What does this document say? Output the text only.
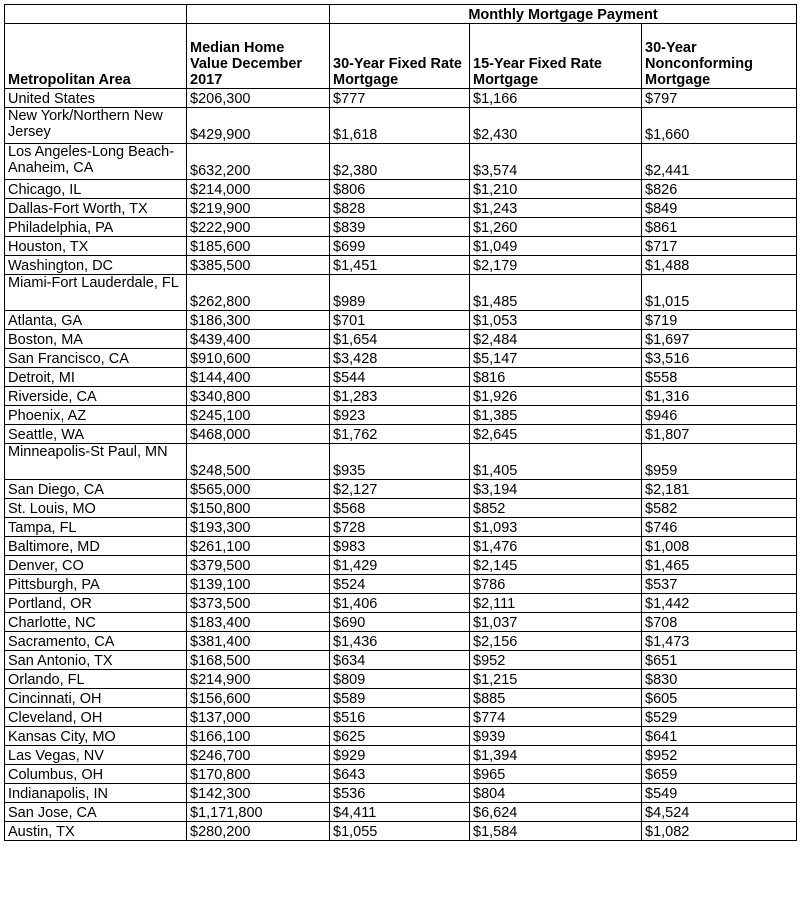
		Monthly Mortgage Payment		
Metropolitan Area	Median Home Value December 2017	30-Year Fixed Rate Mortgage	15-Year Fixed Rate Mortgage	30-Year Nonconforming Mortgage
United States	$206,300	$777	$1,166	$797
New York/Northern New Jersey	$429,900	$1,618	$2,430	$1,660
Los Angeles-Long Beach-Anaheim, CA	$632,200	$2,380	$3,574	$2,441
Chicago, IL	$214,000	$806	$1,210	$826
Dallas-Fort Worth, TX	$219,900	$828	$1,243	$849
Philadelphia, PA	$222,900	$839	$1,260	$861
Houston, TX	$185,600	$699	$1,049	$717
Washington, DC	$385,500	$1,451	$2,179	$1,488
Miami-Fort Lauderdale, FL	$262,800	$989	$1,485	$1,015
Atlanta, GA	$186,300	$701	$1,053	$719
Boston, MA	$439,400	$1,654	$2,484	$1,697
San Francisco, CA	$910,600	$3,428	$5,147	$3,516
Detroit, MI	$144,400	$544	$816	$558
Riverside, CA	$340,800	$1,283	$1,926	$1,316
Phoenix, AZ	$245,100	$923	$1,385	$946
Seattle, WA	$468,000	$1,762	$2,645	$1,807
Minneapolis-St Paul, MN	$248,500	$935	$1,405	$959
San Diego, CA	$565,000	$2,127	$3,194	$2,181
St. Louis, MO	$150,800	$568	$852	$582
Tampa, FL	$193,300	$728	$1,093	$746
Baltimore, MD	$261,100	$983	$1,476	$1,008
Denver, CO	$379,500	$1,429	$2,145	$1,465
Pittsburgh, PA	$139,100	$524	$786	$537
Portland, OR	$373,500	$1,406	$2,111	$1,442
Charlotte, NC	$183,400	$690	$1,037	$708
Sacramento, CA	$381,400	$1,436	$2,156	$1,473
San Antonio, TX	$168,500	$634	$952	$651
Orlando, FL	$214,900	$809	$1,215	$830
Cincinnati, OH	$156,600	$589	$885	$605
Cleveland, OH	$137,000	$516	$774	$529
Kansas City, MO	$166,100	$625	$939	$641
Las Vegas, NV	$246,700	$929	$1,394	$952
Columbus, OH	$170,800	$643	$965	$659
Indianapolis, IN	$142,300	$536	$804	$549
San Jose, CA	$1,171,800	$4,411	$6,624	$4,524
Austin, TX	$280,200	$1,055	$1,584	$1,082
